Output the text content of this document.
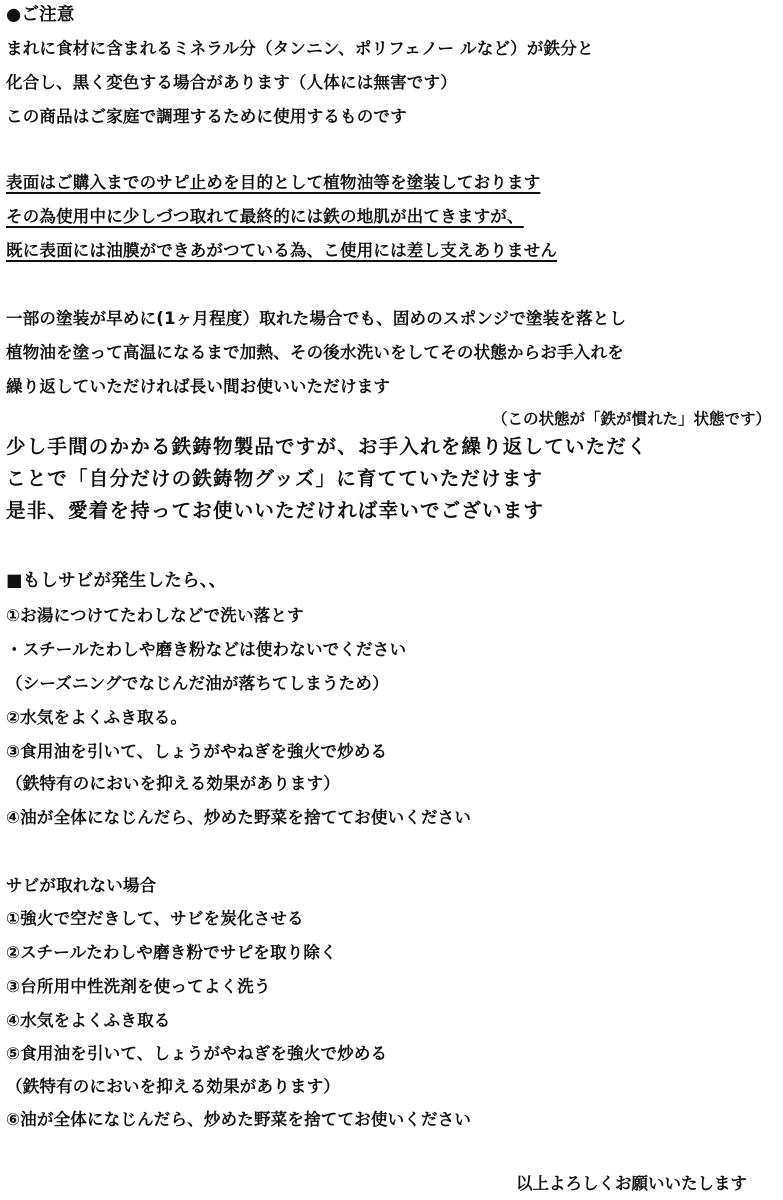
●ご注意
まれに食材に含まれるミネラル分（タンニン、ポリフェノー ルなど）が鉄分と
化合し、黒く変色する場合があります（人体には無害です）
この商品はご家庭で調理するために使用するものです
表面はご購入までのサピ止めを目的として植物油等を塗装しております
その為使用中に少しづつ取れて最終的には鉄の地肌が出てきますが、
既に表面には油膜ができあがつている為、こ使用には差し支えありません
一部の塗装が早めに(1ヶ月程度）取れた場合でも、固めのスポンジで塗装を落とし
植物油を塗って高温になるまで加熱、その後水洗いをしてその状態からお手入れを
繰り返していただければ長い間お使いいただけます
（この状態が「鉄が慣れた」状態です）
少し手間のかかる鉄鋳物製品ですが、お手入れを繰り返していただく
ことで「自分だけの鉄鋳物グッズ」に育てていただけます
是非、愛着を持ってお使いいただければ幸いでございます
■もしサビが発生したら、、
①お湯につけてたわしなどで洗い落とす
・スチールたわしや磨き粉などは使わないでください
（シーズニングでなじんだ油が落ちてしまうため）
②水気をよくふき取る。
③食用油を引いて、しょうがやねぎを強火で炒める
（鉄特有のにおいを抑える効果があります）
④油が全体になじんだら、炒めた野菜を捨ててお使いください
サビが取れない場合
①強火で空だきして、サビを炭化させる
②スチールたわしや磨き粉でサピを取り除く
③台所用中性洗剤を使ってよく洗う
④水気をよくふき取る
⑤食用油を引いて、しょうがやねぎを強火で炒める
（鉄特有のにおいを抑える効果があります）
⑥油が全体になじんだら、炒めた野菜を捨ててお使いください
以上よろしくお願いいたします
